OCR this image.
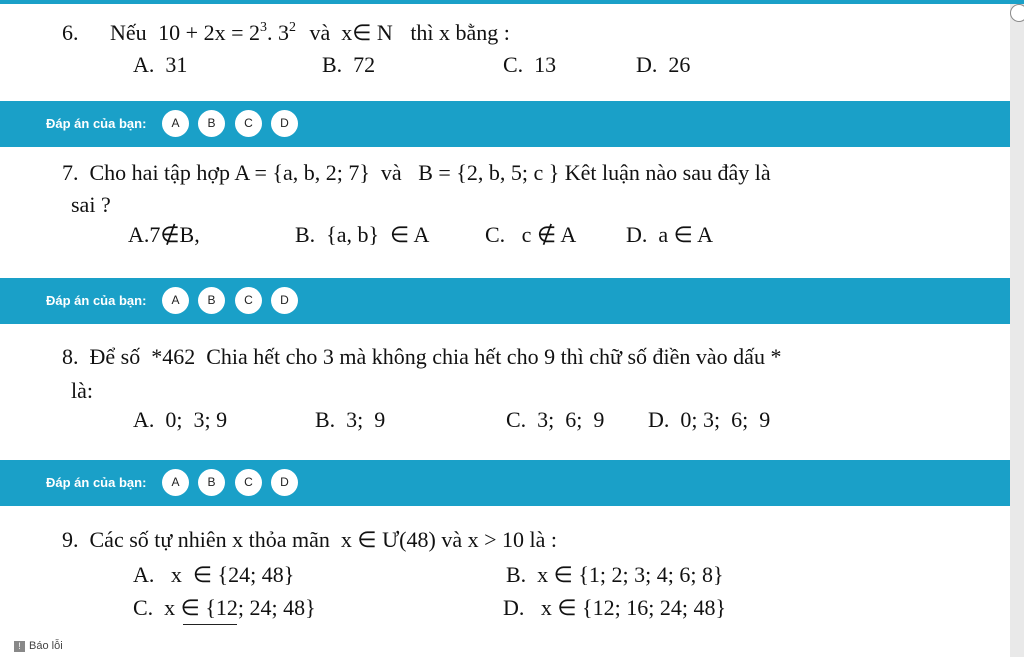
6. Nếu $10 + 2x = 2^3$. $3^2$ và  x∈ N thì x bằng :
A.  31	B.  72	C.  13	D.  26
Đáp án của bạn:	A	B	C	D
7.  Cho hai tập hợp A = {a, b, 2; 7}  và   B = {2, b, 5; c } Kêt luận nào sau đây là
sai ?
A.7∉B,	B.  {a, b}  ∈ A	C.   c ∉ A D.  a ∈ A
Đáp án của bạn:	A	B	C	D
8.  Để số  *462  Chia hết cho 3 mà không chia hết cho 9 thì chữ số điền vào dấu *
là:
A.  0;  3; 9	B.  3;  9	C.  3;  6;  9 D.  0; 3;  6;  9
Đáp án của bạn:	A	B	C	D
9.  Các số tự nhiên x thỏa mãn  x ∈ Ư(48) và x > 10 là :
A.   x  ∈ {24; 48}	B.  x ∈ {1; 2; 3; 4; 6; 8}
C.  x ∈ {12; 24; 48}	D.   x ∈ {12; 16; 24; 48}
! Báo lỗi
